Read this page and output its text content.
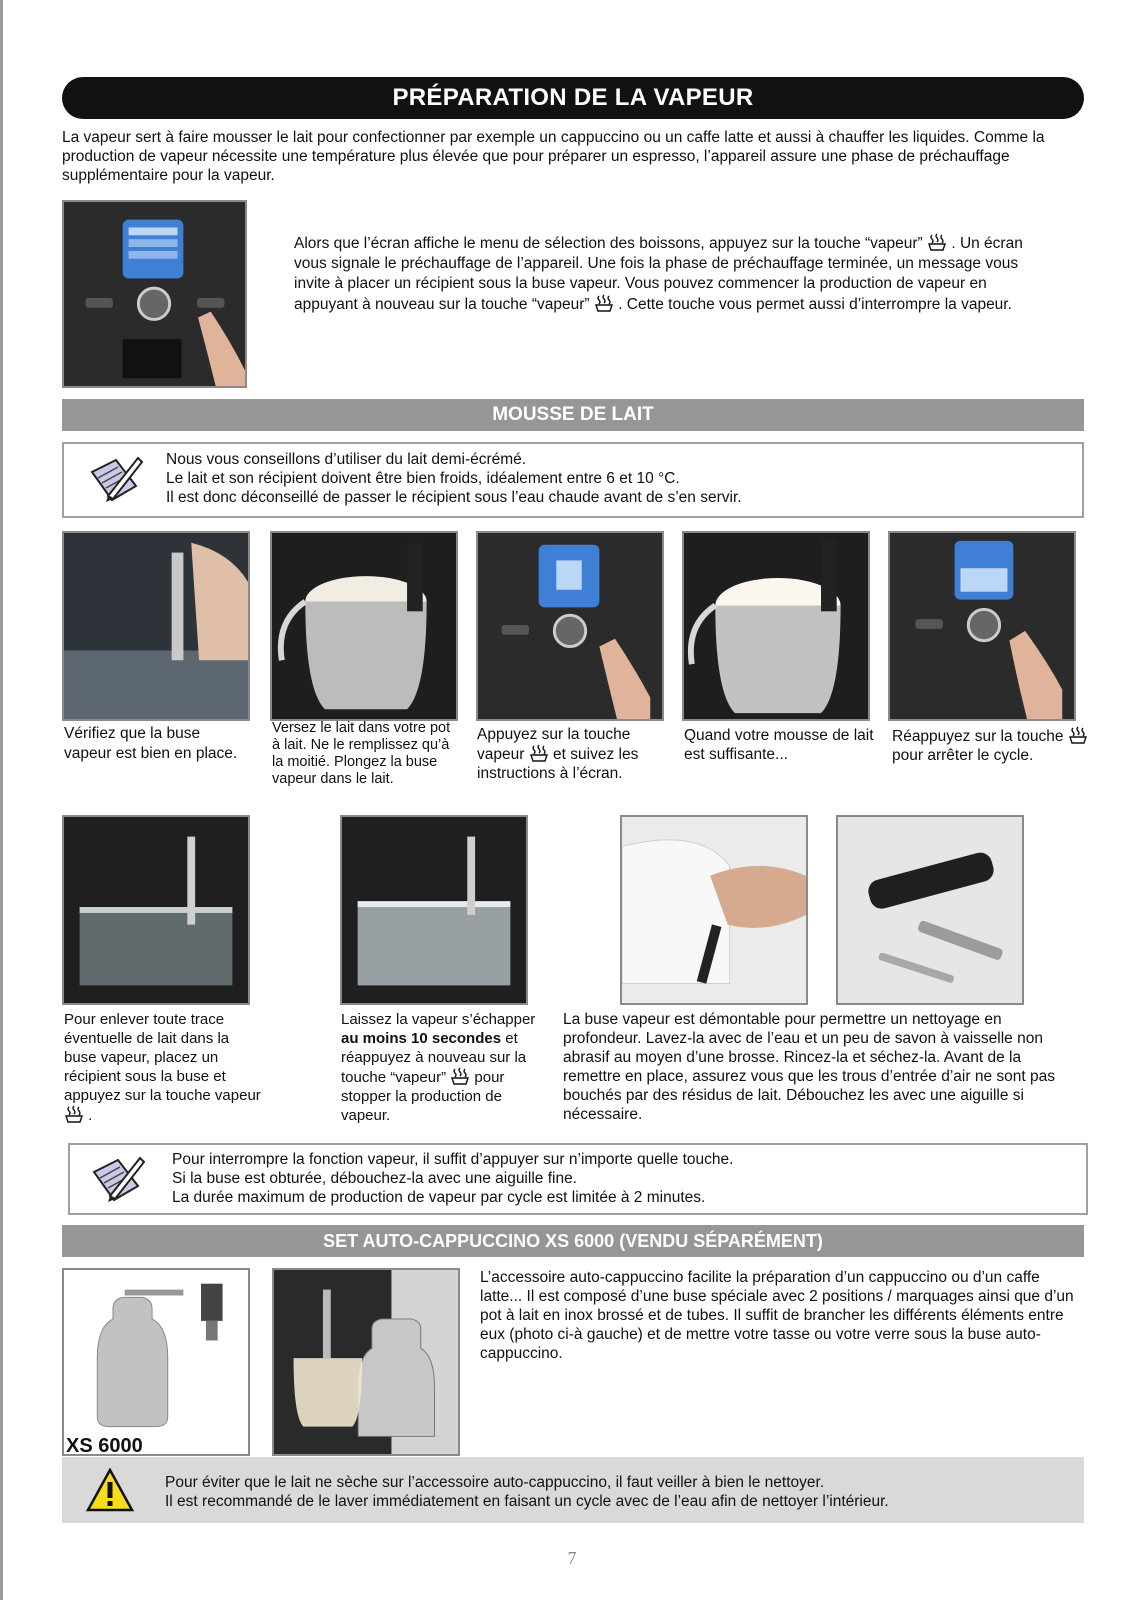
PRÉPARATION DE LA VAPEUR

La vapeur sert à faire mousser le lait pour confectionner par exemple un cappuccino ou un caffe latte et aussi à chauffer les liquides. Comme la production de vapeur nécessite une température plus élevée que pour préparer un espresso, l’appareil assure une phase de préchauffage supplémentaire pour la vapeur.

Alors que l’écran affiche le menu de sélection des boissons, appuyez sur la touche “vapeur” . Un écran vous signale le préchauffage de l’appareil. Une fois la phase de préchauffage terminée, un message vous invite à placer un récipient sous la buse vapeur. Vous pouvez commencer la production de vapeur en appuyant à nouveau sur la touche “vapeur” . Cette touche vous permet aussi d’interrompre la vapeur.

MOUSSE DE LAIT
Nous vous conseillons d’utiliser du lait demi-écrémé.
Le lait et son récipient doivent être bien froids, idéalement entre 6 et 10 °C.
Il est donc déconseillé de passer le récipient sous l’eau chaude avant de s’en servir.

Vérifiez que la buse vapeur est bien en place.

Versez le lait dans votre pot à lait. Ne le remplissez qu’à la moitié. Plongez la buse vapeur dans le lait.

Appuyez sur la touche vapeur et suivez les instructions à l’écran.

Quand votre mousse de lait est suffisante...

Réappuyez sur la touche  pour arrêter le cycle.

Pour enlever toute trace éventuelle de lait dans la buse vapeur, placez un récipient sous la buse et appuyez sur la touche vapeur  .

Laissez la vapeur s’échapper au moins 10 secondes et réappuyez à nouveau sur la touche “vapeur” pour stopper la production de vapeur.

La buse vapeur est démontable pour permettre un nettoyage en profondeur. Lavez-la avec de l’eau et un peu de savon à vaisselle non abrasif au moyen d’une brosse. Rincez-la et séchez-la. Avant de la remettre en place, assurez vous que les trous d’entrée d’air ne sont pas bouchés par des résidus de lait. Débouchez les avec une aiguille si nécessaire.

Pour interrompre la fonction vapeur, il suffit d’appuyer sur n’importe quelle touche.
Si la buse est obturée, débouchez-la avec une aiguille fine.
La durée maximum de production de vapeur par cycle est limitée à 2 minutes.
SET AUTO-CAPPUCCINO XS 6000 (VENDU SÉPARÉMENT)
XS 6000

L’accessoire auto-cappuccino facilite la préparation d’un cappuccino ou d’un caffe latte... Il est composé d’une buse spéciale avec 2 positions / marquages ainsi que d’un pot à lait en inox brossé et de tubes. Il suffit de brancher les différents éléments entre eux (photo ci-à gauche) et de mettre votre tasse ou votre verre sous la buse auto-cappuccino.

Pour éviter que le lait ne sèche sur l’accessoire auto-cappuccino, il faut veiller à bien le nettoyer.
Il est recommandé de le laver immédiatement en faisant un cycle avec de l’eau afin de nettoyer l’intérieur.
7
